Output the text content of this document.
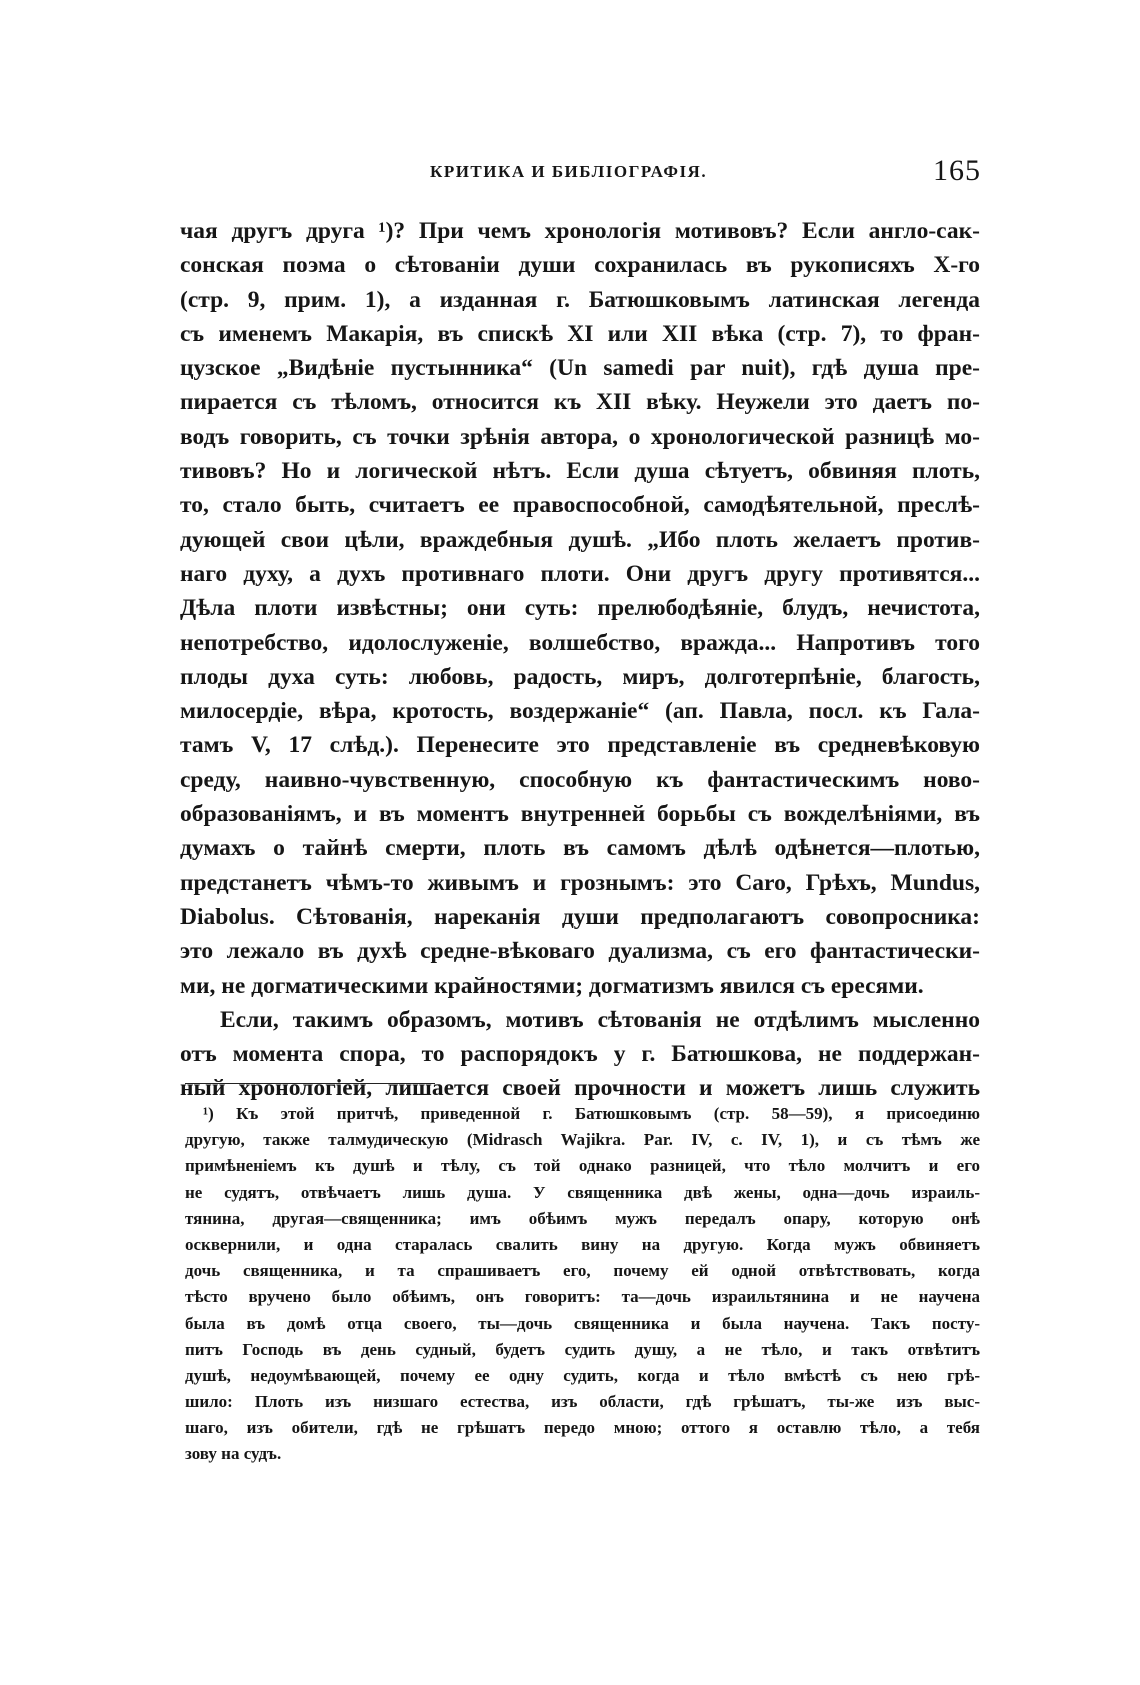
КРИТИКА И БИБЛIОГРАФIЯ.	165
чая другъ друга ¹)? При чемъ хронологія мотивовъ? Если англо-сак-
сонская поэма о сѣтованіи души сохранилась въ рукописяхъ X-го
(стр. 9, прим. 1), а изданная г. Батюшковымъ латинская легенда
съ именемъ Макарія, въ спискѣ XI или XII вѣка (стр. 7), то фран-
цузское „Видѣніе пустынника“ (Un samedi par nuit), гдѣ душа пре-
пирается съ тѣломъ, относится къ XII вѣку. Неужели это даетъ по-
водъ говорить, съ точки зрѣнія автора, о хронологической разницѣ мо-
тивовъ? Но и логической нѣтъ. Если душа сѣтуетъ, обвиняя плоть,
то, стало быть, считаетъ ее правоспособной, самодѣятельной, преслѣ-
дующей свои цѣли, враждебныя душѣ. „Ибо плоть желаетъ против-
наго духу, а духъ противнаго плоти. Они другъ другу противятся...
Дѣла плоти извѣстны; они суть: прелюбодѣяніе, блудъ, нечистота,
непотребство, идолослуженіе, волшебство, вражда... Напротивъ того
плоды духа суть: любовь, радость, миръ, долготерпѣніе, благость,
милосердіе, вѣра, кротость, воздержаніе“ (ап. Павла, посл. къ Гала-
тамъ V, 17 слѣд.). Перенесите это представленіе въ средневѣковую
среду, наивно-чувственную, способную къ фантастическимъ ново-
образованіямъ, и въ моментъ внутренней борьбы съ вожделѣніями, въ
думахъ о тайнѣ смерти, плоть въ самомъ дѣлѣ одѣнется—плотью,
предстанетъ чѣмъ-то живымъ и грознымъ: это Caro, Грѣхъ, Mundus,
Diabolus. Сѣтованія, нареканія души предполагаютъ совопросника:
это лежало въ духѣ средне-вѣковаго дуализма, съ его фантастически-
ми, не догматическими крайностями; догматизмъ явился съ ересями.
Если, такимъ образомъ, мотивъ сѣтованія не отдѣлимъ мысленно
отъ момента спора, то распорядокъ у г. Батюшкова, не поддержан-
ный хронологіей, лишается своей прочности и можетъ лишь служить
¹) Къ этой притчѣ, приведенной г. Батюшковымъ (стр. 58—59), я присоединю
другую, также талмудическую (Midrasch Wajikra. Par. IV, c. IV, 1), и съ тѣмъ же
примѣненіемъ къ душѣ и тѣлу, съ той однако разницей, что тѣло молчитъ и его
не судятъ, отвѣчаетъ лишь душа. У священника двѣ жены, одна—дочь израиль-
тянина, другая—священника; имъ обѣимъ мужъ передалъ опару, которую онѣ
осквернили, и одна старалась свалить вину на другую. Когда мужъ обвиняетъ
дочь священника, и та спрашиваетъ его, почему ей одной отвѣтствовать, когда
тѣсто вручено было обѣимъ, онъ говоритъ: та—дочь израильтянина и не научена
была въ домѣ отца своего, ты—дочь священника и была научена. Такъ посту-
питъ Господь въ день судный, будетъ судить душу, а не тѣло, и такъ отвѣтитъ
душѣ, недоумѣвающей, почему ее одну судить, когда и тѣло вмѣстѣ съ нею грѣ-
шило: Плоть изъ низшаго естества, изъ области, гдѣ грѣшатъ, ты-же изъ выс-
шаго, изъ обители, гдѣ не грѣшатъ передо мною; оттого я оставлю тѣло, а тебя
зову на судъ.
